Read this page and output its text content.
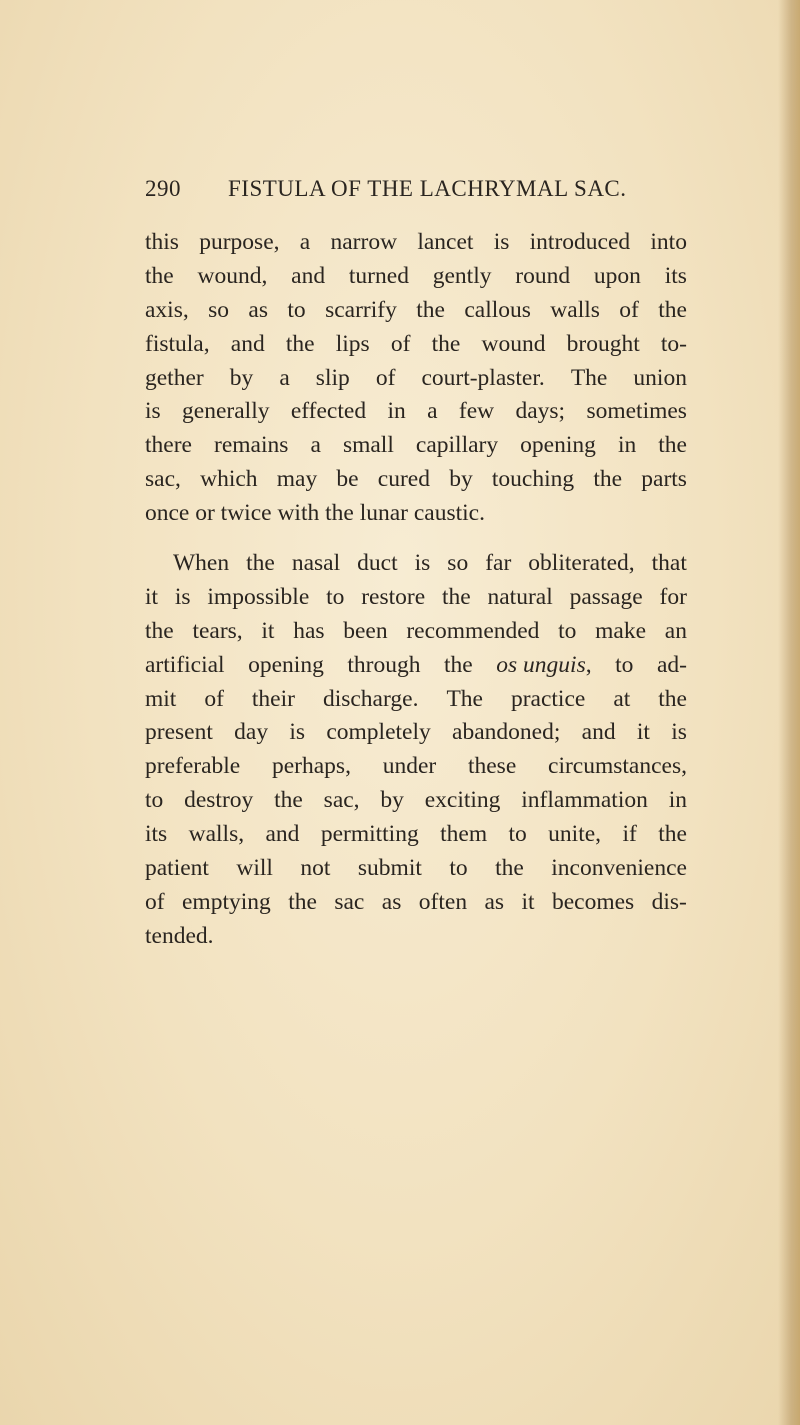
290 FISTULA OF THE LACHRYMAL SAC.
this purpose, a narrow lancet is introduced into
the wound, and turned gently round upon its
axis, so as to scarrify the callous walls of the
fistula, and the lips of the wound brought to-
gether by a slip of court-plaster. The union
is generally effected in a few days; sometimes
there remains a small capillary opening in the
sac, which may be cured by touching the parts
once or twice with the lunar caustic.
When the nasal duct is so far obliterated, that
it is impossible to restore the natural passage for
the tears, it has been recommended to make an
artificial opening through the os unguis, to ad-
mit of their discharge. The practice at the
present day is completely abandoned; and it is
preferable perhaps, under these circumstances,
to destroy the sac, by exciting inflammation in
its walls, and permitting them to unite, if the
patient will not submit to the inconvenience
of emptying the sac as often as it becomes dis-
tended.
